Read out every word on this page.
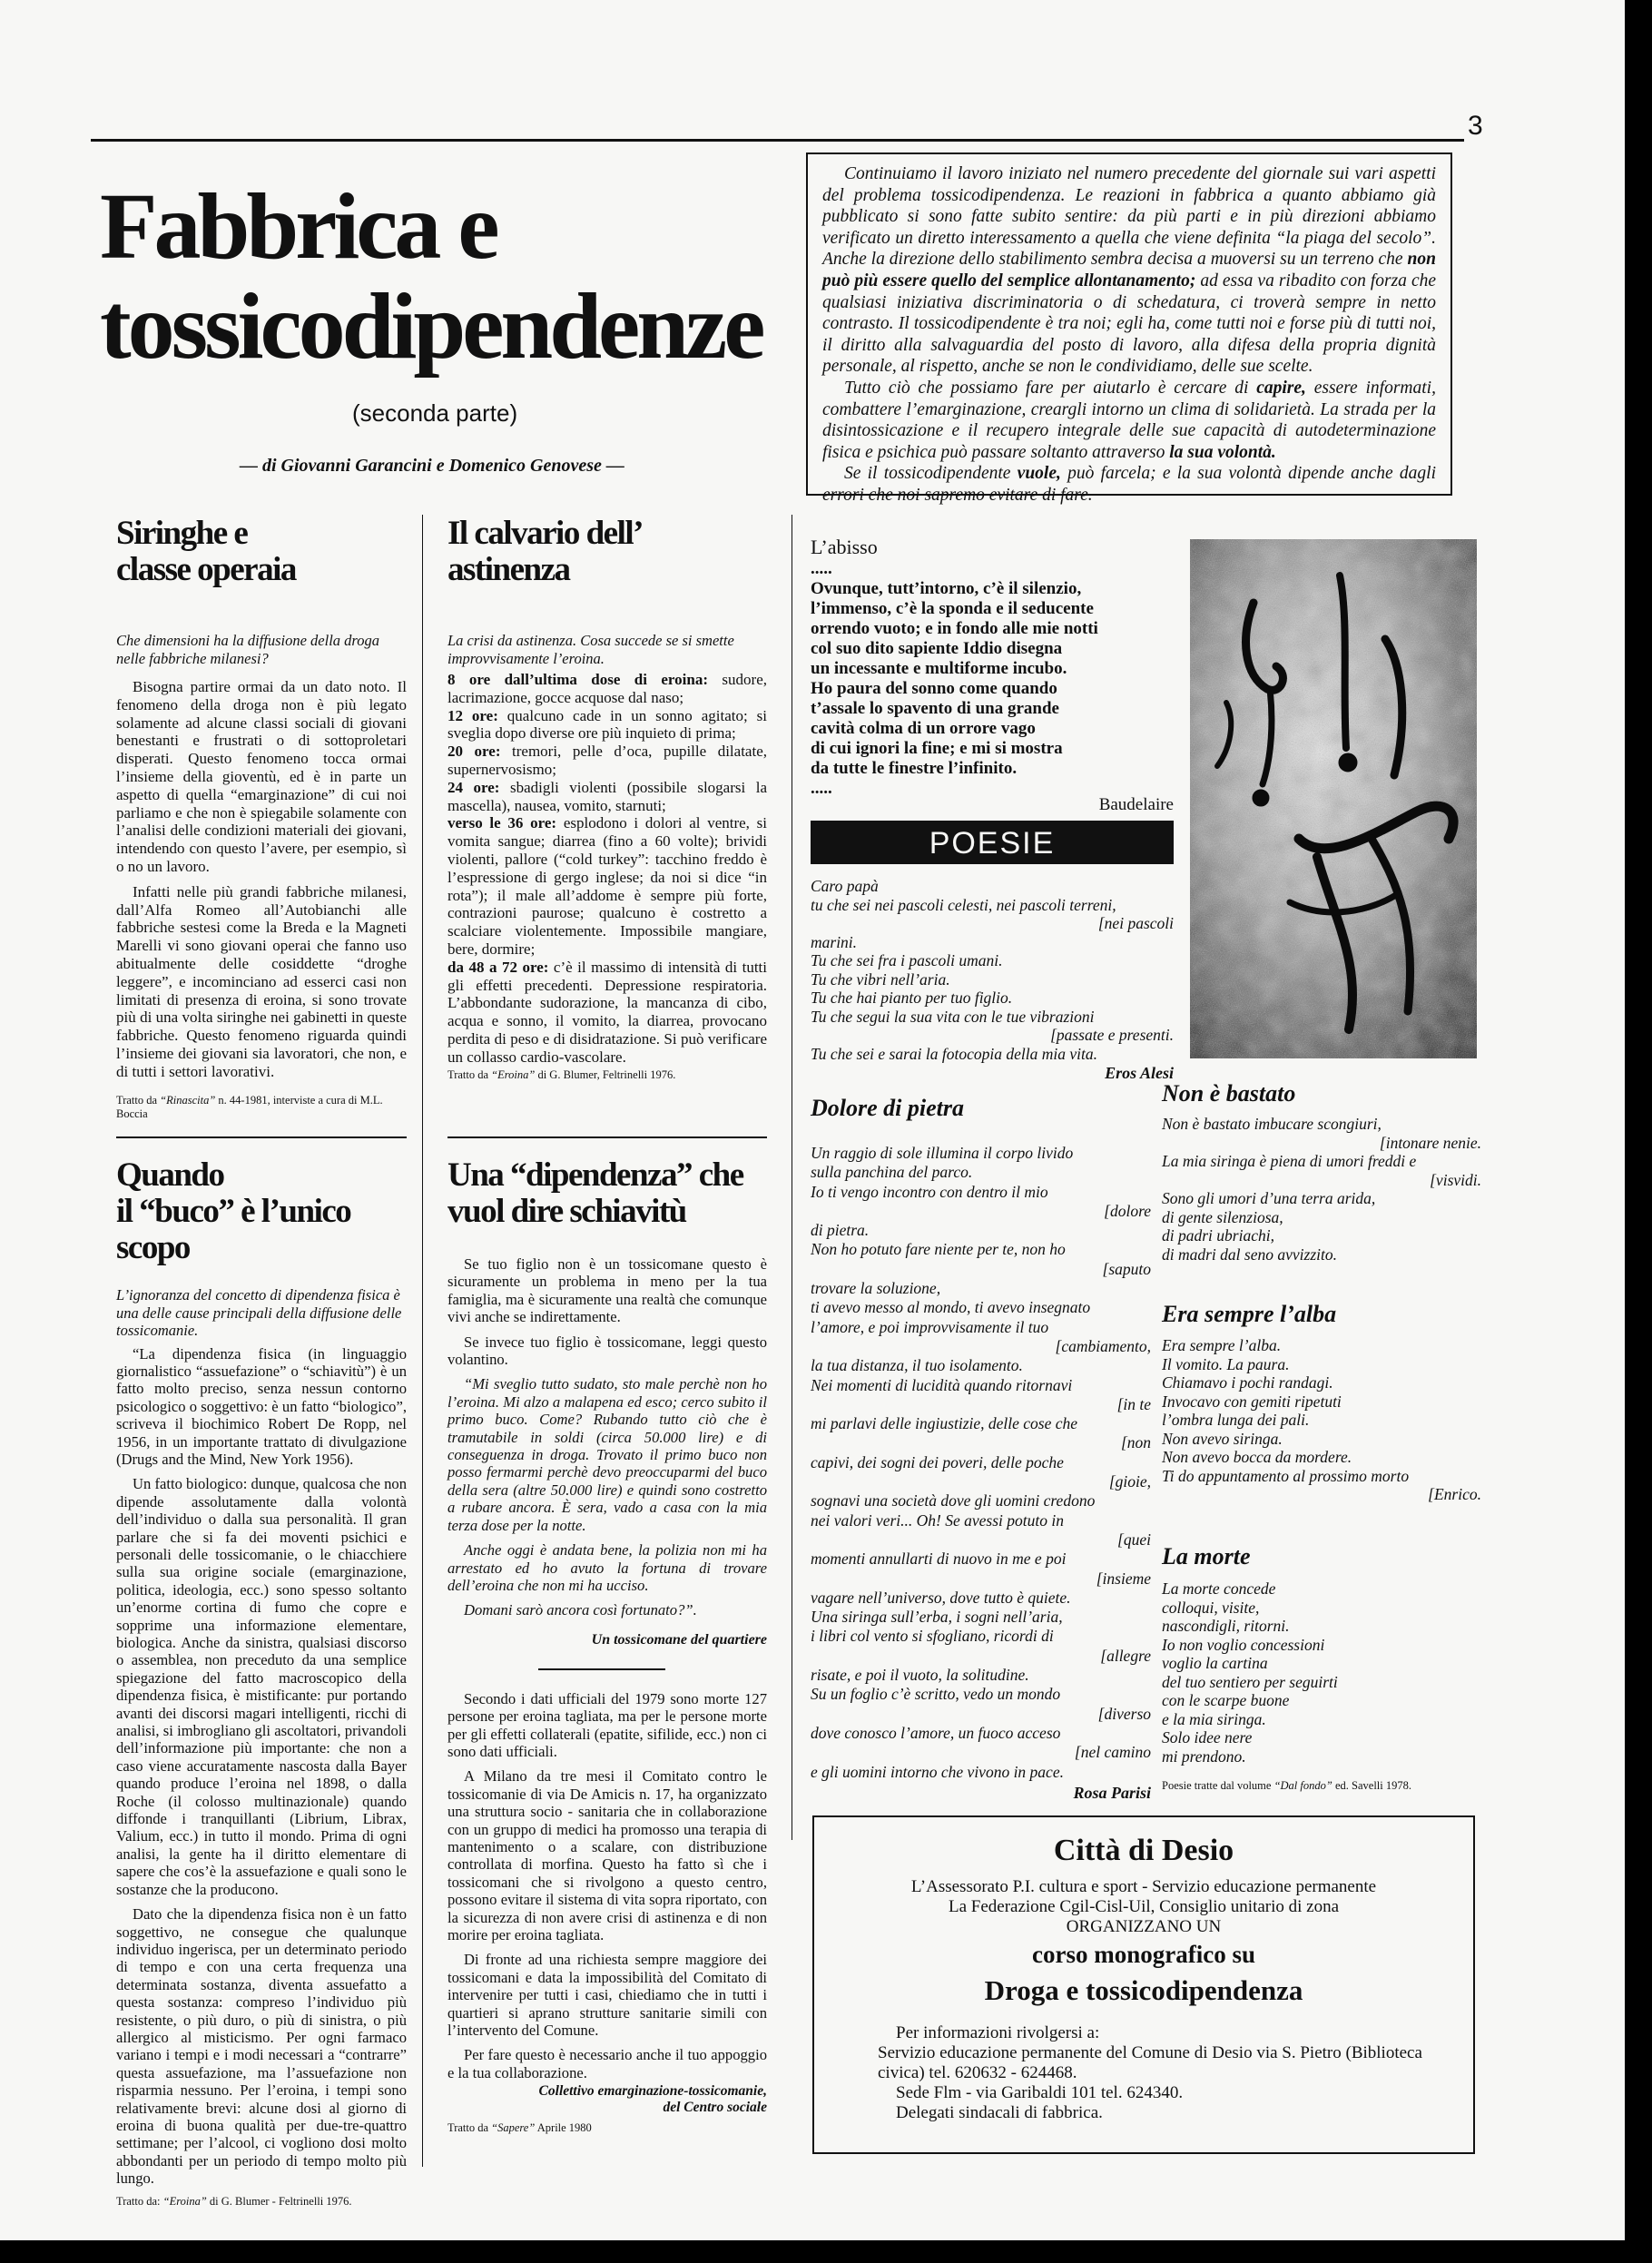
3
Fabbrica e
tossicodipendenze
(seconda parte)
— di Giovanni Garancini e Domenico Genovese —

Continuiamo il lavoro iniziato nel numero precedente del giornale sui vari aspetti del problema tossicodipendenza. Le reazioni in fabbrica a quanto abbiamo già pubblicato si sono fatte subito sentire: da più parti e in più direzioni abbiamo verificato un diretto interessamento a quella che viene definita “la piaga del secolo”. Anche la direzione dello stabilimento sembra decisa a muoversi su un terreno che non può più essere quello del semplice allontanamento; ad essa va ribadito con forza che qualsiasi iniziativa discriminatoria o di schedatura, ci troverà sempre in netto contrasto. Il tossicodipendente è tra noi; egli ha, come tutti noi e forse più di tutti noi, il diritto alla salvaguardia del posto di lavoro, alla difesa della propria dignità personale, al rispetto, anche se non le condividiamo, delle sue scelte.

Tutto ciò che possiamo fare per aiutarlo è cercare di capire, essere informati, combattere l’emarginazione, creargli intorno un clima di solidarietà. La strada per la disintossicazione e il recupero integrale delle sue capacità di autodeterminazione fisica e psichica può passare soltanto attraverso la sua volontà.

Se il tossicodipendente vuole, può farcela; e la sua volontà dipende anche dagli errori che noi sapremo evitare di fare.

Siringhe e
classe operaia
Che dimensioni ha la diffusione della droga nelle fabbriche milanesi?

Bisogna partire ormai da un dato noto. Il fenomeno della droga non è più legato solamente ad alcune classi sociali di giovani benestanti e frustrati o di sottoproletari disperati. Questo fenomeno tocca ormai l’insieme della gioventù, ed è in parte un aspetto di quella “emarginazione” di cui noi parliamo e che non è spiegabile solamente con l’analisi delle condizioni materiali dei giovani, intendendo con questo l’avere, per esempio, sì o no un lavoro.

Infatti nelle più grandi fabbriche milanesi, dall’Alfa Romeo all’Autobianchi alle fabbriche sestesi come la Breda e la Magneti Marelli vi sono giovani operai che fanno uso abitualmente delle cosiddette “droghe leggere”, e incominciano ad esserci casi non limitati di presenza di eroina, si sono trovate più di una volta siringhe nei gabinetti in queste fabbriche. Questo fenomeno riguarda quindi l’insieme dei giovani sia lavoratori, che non, e di tutti i settori lavorativi.

Tratto da “Rinascita” n. 44-1981, interviste a cura di M.L. Boccia
Il calvario dell’
astinenza
La crisi da astinenza. Cosa succede se si smette improvvisamente l’eroina.

8 ore dall’ultima dose di eroina: sudore, lacrimazione, gocce acquose dal naso;

12 ore: qualcuno cade in un sonno agitato; si sveglia dopo diverse ore più inquieto di prima;

20 ore: tremori, pelle d’oca, pupille dilatate, supernervosismo;

24 ore: sbadigli violenti (possibile slogarsi la mascella), nausea, vomito, starnuti;

verso le 36 ore: esplodono i dolori al ventre, si vomita sangue; diarrea (fino a 60 volte); brividi violenti, pallore (“cold turkey”: tacchino freddo è l’espressione di gergo inglese; da noi si dice “in rota”); il male all’addome è sempre più forte, contrazioni paurose; qualcuno è costretto a scalciare violentemente. Impossibile mangiare, bere, dormire;

da 48 a 72 ore: c’è il massimo di intensità di tutti gli effetti precedenti. Depressione respiratoria. L’abbondante sudorazione, la mancanza di cibo, acqua e sonno, il vomito, la diarrea, provocano perdita di peso e di disidratazione. Si può verificare un collasso cardio-vascolare.

Tratto da “Eroina” di G. Blumer, Feltrinelli 1976.
Quando
il “buco” è l’unico scopo
L’ignoranza del concetto di dipendenza fisica è una delle cause principali della diffusione delle tossicomanie.

“La dipendenza fisica (in linguaggio giornalistico “assuefazione” o “schiavitù”) è un fatto molto preciso, senza nessun contorno psicologico o soggettivo: è un fatto “biologico”, scriveva il biochimico Robert De Ropp, nel 1956, in un importante trattato di divulgazione (Drugs and the Mind, New York 1956).

Un fatto biologico: dunque, qualcosa che non dipende assolutamente dalla volontà dell’individuo o dalla sua personalità. Il gran parlare che si fa dei moventi psichici e personali delle tossicomanie, o le chiacchiere sulla sua origine sociale (emarginazione, politica, ideologia, ecc.) sono spesso soltanto un’enorme cortina di fumo che copre e sopprime una informazione elementare, biologica. Anche da sinistra, qualsiasi discorso o assemblea, non preceduto da una semplice spiegazione del fatto macroscopico della dipendenza fisica, è mistificante: pur portando avanti dei discorsi magari intelligenti, ricchi di analisi, si imbrogliano gli ascoltatori, privandoli dell’informazione più importante: che non a caso viene accuratamente nascosta dalla Bayer quando produce l’eroina nel 1898, o dalla Roche (il colosso multinazionale) quando diffonde i tranquillanti (Librium, Librax, Valium, ecc.) in tutto il mondo. Prima di ogni analisi, la gente ha il diritto elementare di sapere che cos’è la assuefazione e quali sono le sostanze che la producono.

Dato che la dipendenza fisica non è un fatto soggettivo, ne consegue che qualunque individuo ingerisca, per un determinato periodo di tempo e con una certa frequenza una determinata sostanza, diventa assuefatto a questa sostanza: compreso l’individuo più resistente, o più duro, o più di sinistra, o più allergico al misticismo. Per ogni farmaco variano i tempi e i modi necessari a “contrarre” questa assuefazione, ma l’assuefazione non risparmia nessuno. Per l’eroina, i tempi sono relativamente brevi: alcune dosi al giorno di eroina di buona qualità per due-tre-quattro settimane; per l’alcool, ci vogliono dosi molto abbondanti per un periodo di tempo molto più lungo.

Tratto da: “Eroina” di G. Blumer - Feltrinelli 1976.
Una “dipendenza” che
vuol dire schiavitù

Se tuo figlio non è un tossicomane questo è sicuramente un problema in meno per la tua famiglia, ma è sicuramente una realtà che comunque vivi anche se indirettamente.

Se invece tuo figlio è tossicomane, leggi questo volantino.

“Mi sveglio tutto sudato, sto male perchè non ho l’eroina. Mi alzo a malapena ed esco; cerco subito il primo buco. Come? Rubando tutto ciò che è tramutabile in soldi (circa 50.000 lire) e di conseguenza in droga. Trovato il primo buco non posso fermarmi perchè devo preoccuparmi del buco della sera (altre 50.000 lire) e quindi sono costretto a rubare ancora. È sera, vado a casa con la mia terza dose per la notte.

Anche oggi è andata bene, la polizia non mi ha arrestato ed ho avuto la fortuna di trovare dell’eroina che non mi ha ucciso.

Domani sarò ancora così fortunato?”.

Un tossicomane del quartiere

Secondo i dati ufficiali del 1979 sono morte 127 persone per eroina tagliata, ma per le persone morte per gli effetti collaterali (epatite, sifilide, ecc.) non ci sono dati ufficiali.

A Milano da tre mesi il Comitato contro le tossicomanie di via De Amicis n. 17, ha organizzato una struttura socio - sanitaria che in collaborazione con un gruppo di medici ha promosso una terapia di mantenimento o a scalare, con distribuzione controllata di morfina. Questo ha fatto sì che i tossicomani che si rivolgono a questo centro, possono evitare il sistema di vita sopra riportato, con la sicurezza di non avere crisi di astinenza e di non morire per eroina tagliata.

Di fronte ad una richiesta sempre maggiore dei tossicomani e data la impossibilità del Comitato di intervenire per tutti i casi, chiediamo che in tutti i quartieri si aprano strutture sanitarie simili con l’intervento del Comune.

Per fare questo è necessario anche il tuo appoggio e la tua collaborazione.

Collettivo emarginazione-tossicomanie,
del Centro sociale
Tratto da “Sapere” Aprile 1980
L’abisso
.....
Ovunque, tutt’intorno, c’è il silenzio,
l’immenso, c’è la sponda e il seducente
orrendo vuoto; e in fondo alle mie notti
col suo dito sapiente Iddio disegna
un incessante e multiforme incubo.
Ho paura del sonno come quando
t’assale lo spavento di una grande
cavità colma di un orrore vago
di cui ignori la fine; e mi si mostra
da tutte le finestre l’infinito.
.....
Baudelaire
POESIE
Caro papà
tu che sei nei pascoli celesti, nei pascoli terreni,
[nei pascoli
marini.
Tu che sei fra i pascoli umani.
Tu che vibri nell’aria.
Tu che hai pianto per tuo figlio.
Tu che segui la sua vita con le tue vibrazioni
[passate e presenti.
Tu che sei e sarai la fotocopia della mia vita.
Eros Alesi
Dolore di pietra
Un raggio di sole illumina il corpo livido
sulla panchina del parco.
Io ti vengo incontro con dentro il mio
[dolore
di pietra.
Non ho potuto fare niente per te, non ho
[saputo
trovare la soluzione,
ti avevo messo al mondo, ti avevo insegnato
l’amore, e poi improvvisamente il tuo
[cambiamento,
la tua distanza, il tuo isolamento.
Nei momenti di lucidità quando ritornavi
[in te
mi parlavi delle ingiustizie, delle cose che
[non
capivi, dei sogni dei poveri, delle poche
[gioie,
sognavi una società dove gli uomini credono
nei valori veri... Oh! Se avessi potuto in
[quei
momenti annullarti di nuovo in me e poi
[insieme
vagare nell’universo, dove tutto è quiete.
Una siringa sull’erba, i sogni nell’aria,
i libri col vento si sfogliano, ricordi di
[allegre
risate, e poi il vuoto, la solitudine.
Su un foglio c’è scritto, vedo un mondo
[diverso
dove conosco l’amore, un fuoco acceso
[nel camino
e gli uomini intorno che vivono in pace.
Rosa Parisi
Non è bastato
Non è bastato imbucare scongiuri,
[intonare nenie.
La mia siringa è piena di umori freddi e
[visvidi.
Sono gli umori d’una terra arida,
di gente silenziosa,
di padri ubriachi,
di madri dal seno avvizzito.
Era sempre l’alba
Era sempre l’alba.
Il vomito. La paura.
Chiamavo i pochi randagi.
Invocavo con gemiti ripetuti
l’ombra lunga dei pali.
Non avevo siringa.
Non avevo bocca da mordere.
Ti do appuntamento al prossimo morto
[Enrico.
La morte
La morte concede
colloqui, visite,
nascondigli, ritorni.
Io non voglio concessioni
voglio la cartina
del tuo sentiero per seguirti
con le scarpe buone
e la mia siringa.
Solo idee nere
mi prendono.
Poesie tratte dal volume “Dal fondo” ed. Savelli 1978.
Città di Desio
L’Assessorato P.I. cultura e sport - Servizio educazione permanente
La Federazione Cgil-Cisl-Uil, Consiglio unitario di zona
ORGANIZZANO UN
corso monografico su
Droga e tossicodipendenza
Per informazioni rivolgersi a:
Servizio educazione permanente del Comune di Desio via S. Pietro (Biblioteca civica) tel. 620632 - 624468.
Sede Flm - via Garibaldi 101 tel. 624340.
Delegati sindacali di fabbrica.
